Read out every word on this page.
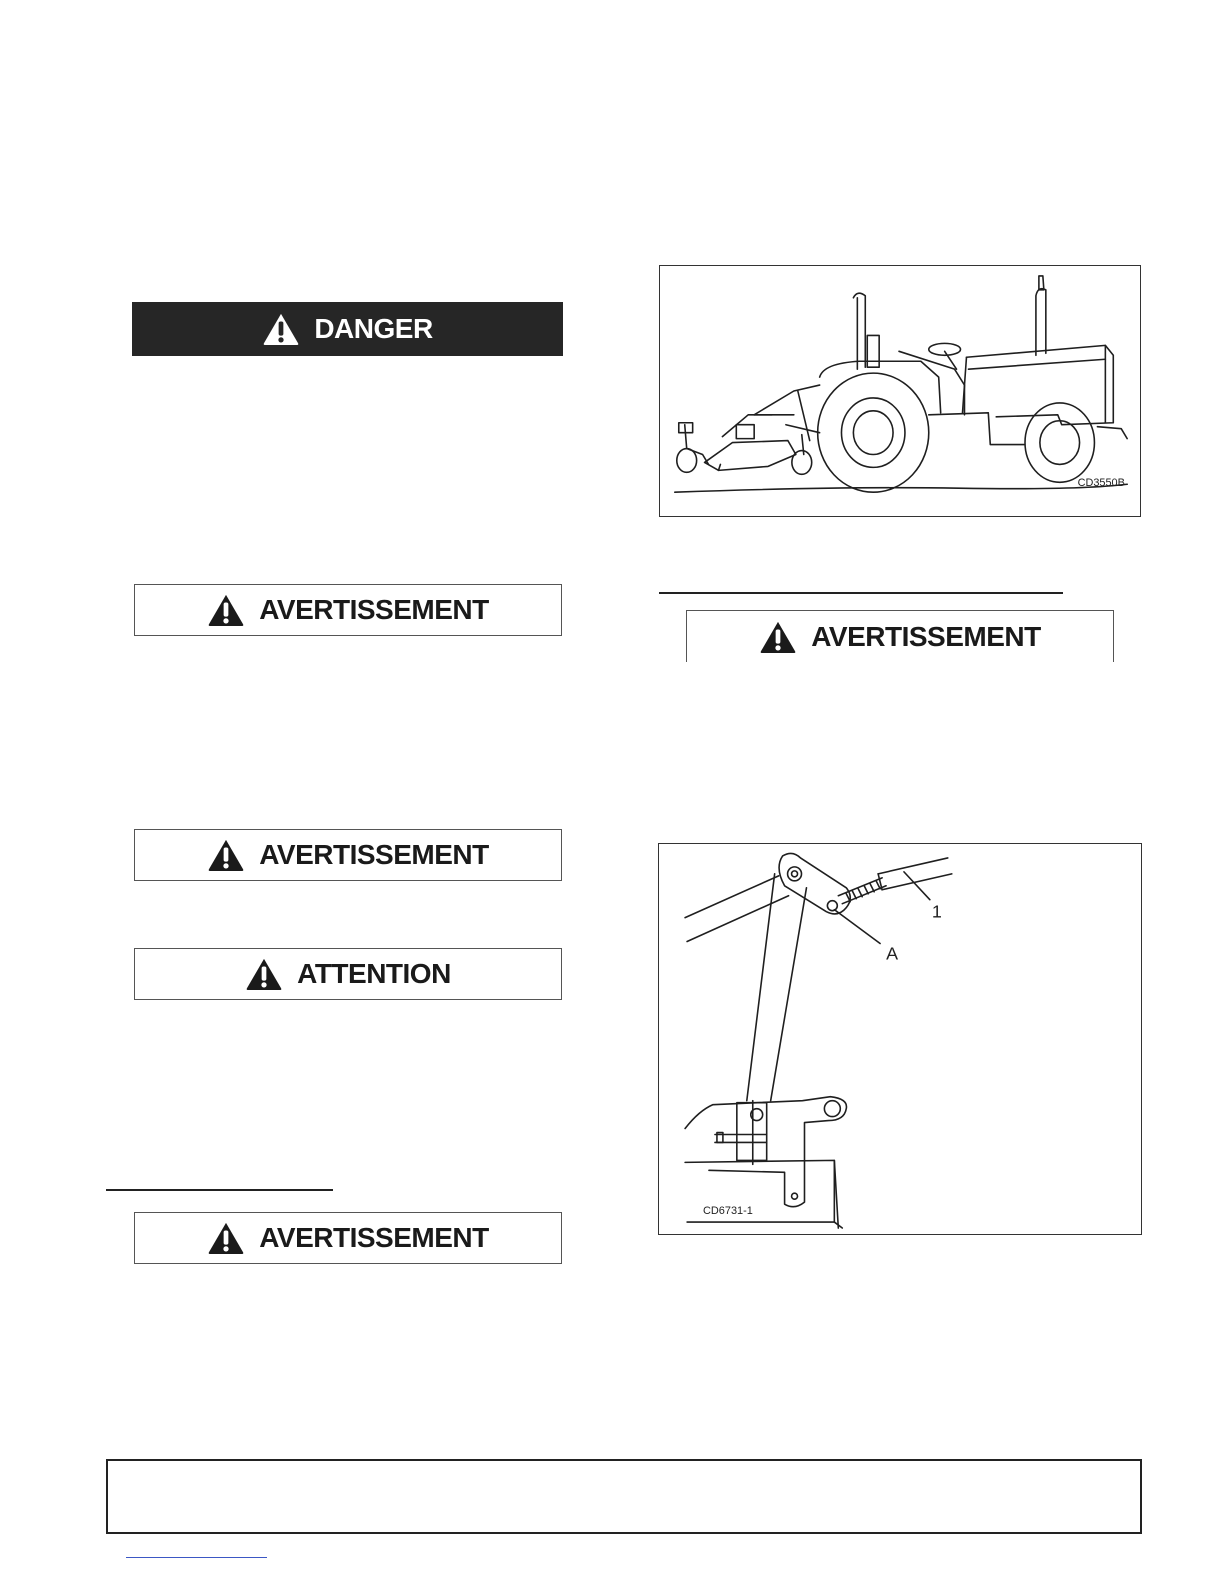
DANGER
AVERTISSEMENT
AVERTISSEMENT
ATTENTION
AVERTISSEMENT
CD3550B
AVERTISSEMENT
1
A
CD6731-1
